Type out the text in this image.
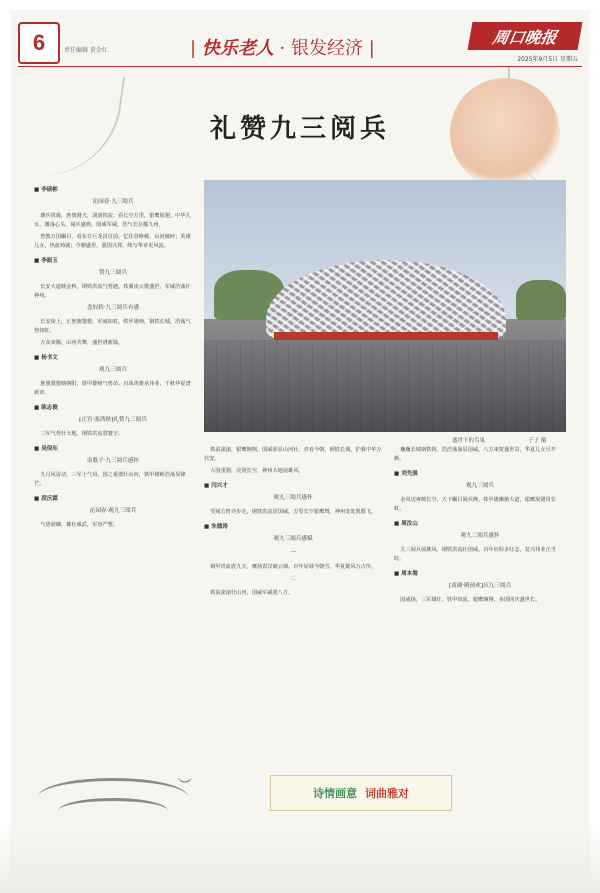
6	责任编辑 黄金红	| 快乐老人 · 银发经济 |
周口晚报
2025年9月5日 星期五
礼赞九三阅兵
盛世下的鸟巢	子子 摄
■ 李硕彬
沁园春·九三阅兵

雄兵铁骑，旌旗漫天，滚滚铁流；看长空万里，银鹰展翅；中华儿女，激荡心头。阅兵盛典，国威军威，浩气长存耀九州。

曾教万国瞩目，看东方巨龙昂首前。忆往昔峥嵘，山河破碎；英雄儿女，热血铸就；今朝盛世，强国兴邦，续写华章更风流。

■ 李振玉
赞九三阅兵

长安大道映金秋，钢铁洪流气势遒。铁翼凌云歌盛世，军威浩荡壮神州。

念奴娇·九三阅兵有感

长安街上，正旌旗猎猎，军威如虹。铁甲雄师，钢铁长城，浩荡气势如虹。

万众欢腾，山河共舞，盛世谱新篇。

■ 杨书文
观九三阅兵

旌旗猎猎映朝阳，铁甲雄师气势昂。百战英雄承伟业，千秋华夏谱新章。

■ 陈志俊
[正宫·塞鸿秋]礼赞九三阅兵

三军气势壮天地，钢铁洪流震寰宇。

■ 吴保东
南歌子·九三阅兵感怀

九月风雷动，三军士气昂。国之重器壮山河，铁甲雄师浩荡显锋芒。

■ 段沃霖
沁园春·观九三阅兵

气势磅礴，雄壮威武，军容严整。

铁流滚滚，银鹰翱翔，国威彰显山河壮。喜看今朝，钢铁长城，护我中华万代安。

大国重器，亮剑长空，神州大地展雄风。

■ 闫兴才
观九三阅兵感怀

受阅方阵齐步走，钢铁洪流显国威。万里长空银鹰舞，神州处处凯歌飞。

■ 朱德涛
观九三阅兵感赋
一

钢甲洪流震九天，鹰扬霄汉破云烟。百年屈辱今朝雪，华夏雄风万古传。

二

铁流滚滚壮山河，国威军威震八方。

巍巍长城钢铁铸，浩浩荡荡显国威。八方来贺盛世景，华夏儿女尽开颜。

■ 刘先强
观九三阅兵

金风送爽映长空，天下瞩目阅兵隆。铁甲雄狮驰大道，银鹰展翅贯长虹。

■ 周汝山
观九三阅兵感怀

九三阅兵展雄风，钢铁洪流壮国威。百年征程多壮志，复兴伟业正当时。

■ 周本海
[双调·殿前欢]庆九三阅兵

国威扬，三军雄壮。铁甲如流，银鹰翱翔，举国同庆盛世长。

︶	诗情画意 词曲雅对
